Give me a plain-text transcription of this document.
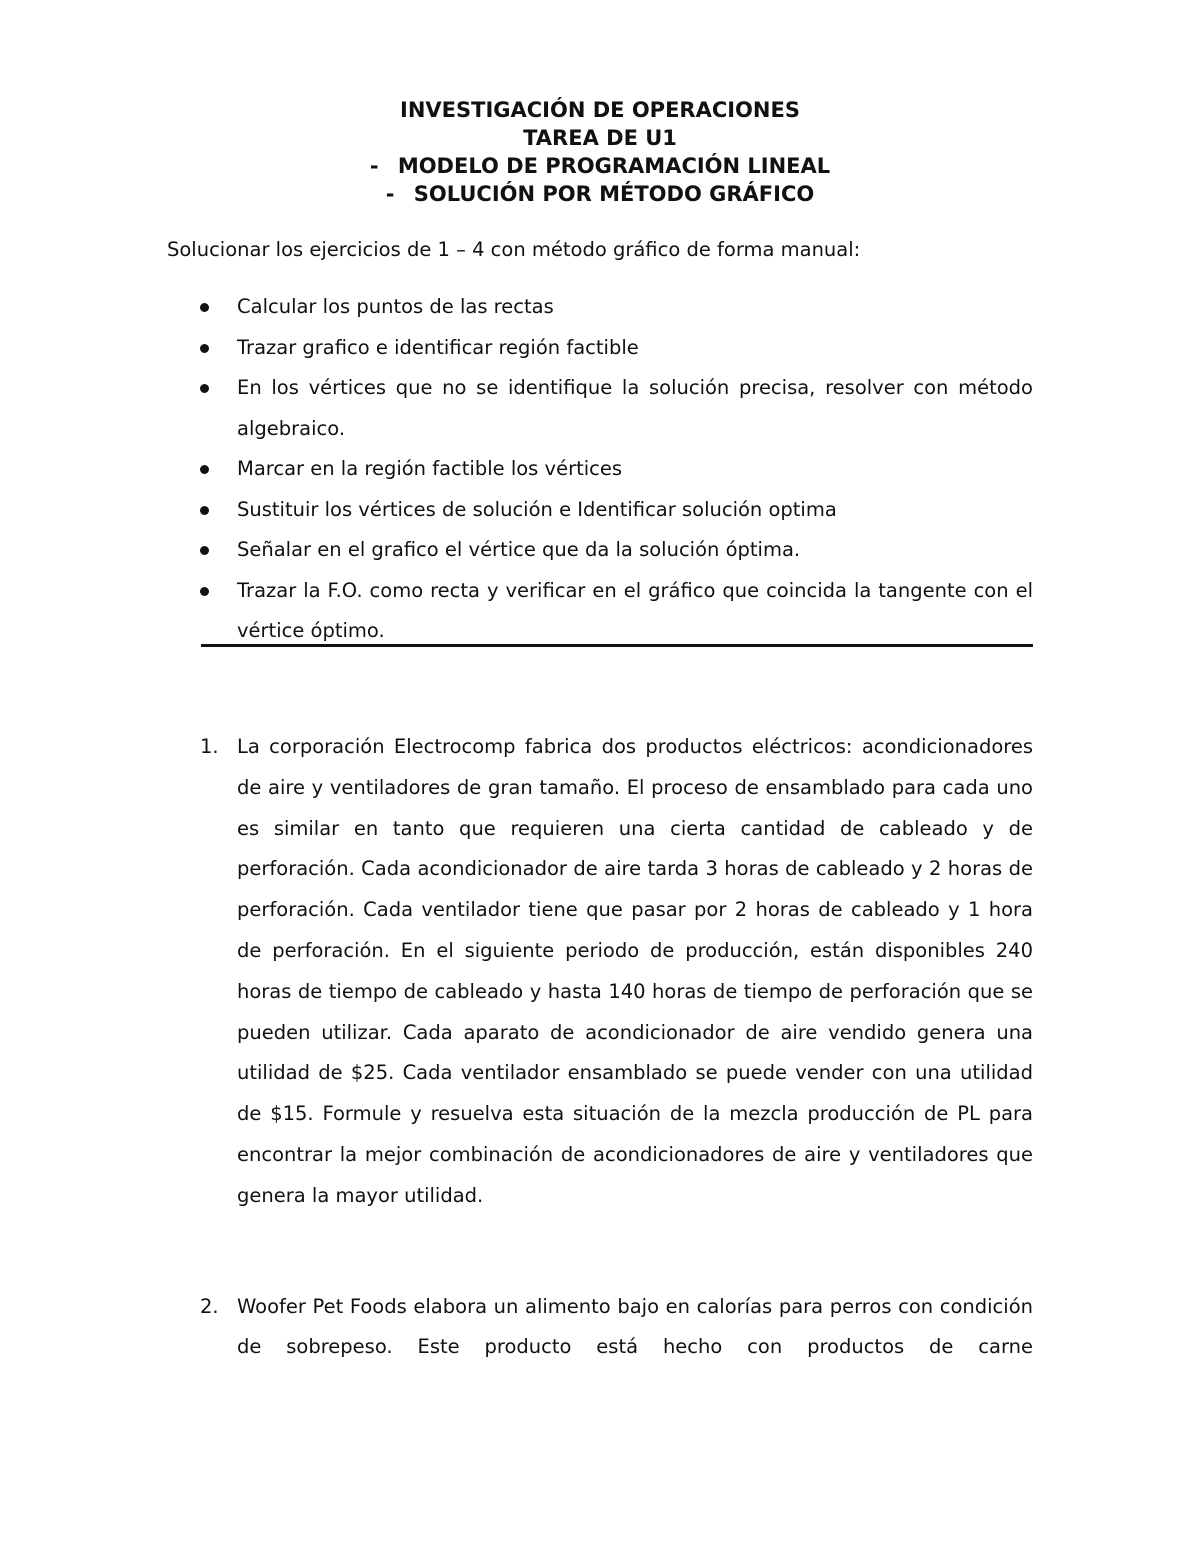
INVESTIGACIÓN DE OPERACIONES
TAREA DE U1
- MODELO DE PROGRAMACIÓN LINEAL
- SOLUCIÓN POR MÉTODO GRÁFICO
Solucionar los ejercicios de 1 – 4 con método gráfico de forma manual:
Calcular los puntos de las rectas
Trazar grafico e identificar región factible
En los vértices que no se identifique la solución precisa, resolver con método algebraico.
Marcar en la región factible los vértices
Sustituir los vértices de solución e Identificar solución optima
Señalar en el grafico el vértice que da la solución óptima.
Trazar la F.O. como recta y verificar en el gráfico que coincida la tangente con el vértice óptimo.
1. La corporación Electrocomp fabrica dos productos eléctricos: acondicionadores de aire y ventiladores de gran tamaño. El proceso de ensamblado para cada uno es similar en tanto que requieren una cierta cantidad de cableado y de perforación. Cada acondicionador de aire tarda 3 horas de cableado y 2 horas de perforación. Cada ventilador tiene que pasar por 2 horas de cableado y 1 hora de perforación. En el siguiente periodo de producción, están disponibles 240 horas de tiempo de cableado y hasta 140 horas de tiempo de perforación que se pueden utilizar. Cada aparato de acondicionador de aire vendido genera una utilidad de $25. Cada ventilador ensamblado se puede vender con una utilidad de $15. Formule y resuelva esta situación de la mezcla producción de PL para encontrar la mejor combinación de acondicionadores de aire y ventiladores que genera la mayor utilidad.
2. Woofer Pet Foods elabora un alimento bajo en calorías para perros con condición de sobrepeso. Este producto está hecho con productos de carne
